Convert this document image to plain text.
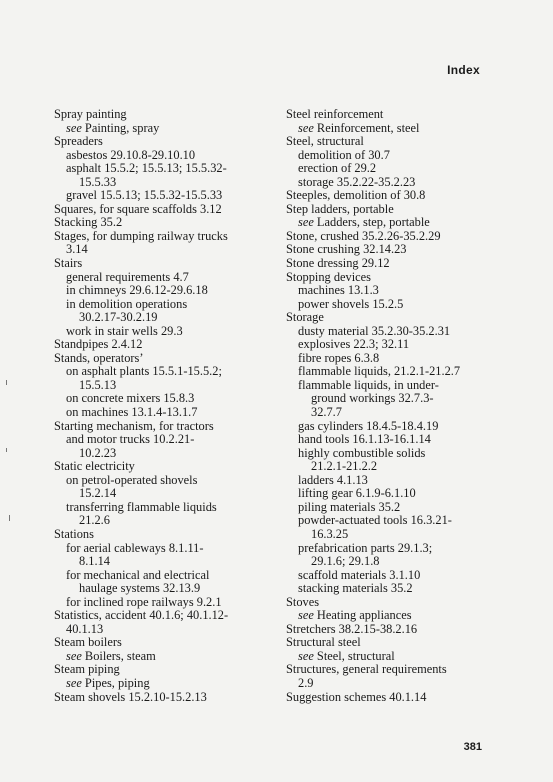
Index
Spray painting
see Painting, spray
Spreaders
asbestos 29.10.8-29.10.10
asphalt 15.5.2; 15.5.13; 15.5.32-
15.5.33
gravel 15.5.13; 15.5.32-15.5.33
Squares, for square scaffolds 3.12
Stacking 35.2
Stages, for dumping railway trucks
3.14
Stairs
general requirements 4.7
in chimneys 29.6.12-29.6.18
in demolition operations
30.2.17-30.2.19
work in stair wells 29.3
Standpipes 2.4.12
Stands, operators’
on asphalt plants 15.5.1-15.5.2;
15.5.13
on concrete mixers 15.8.3
on machines 13.1.4-13.1.7
Starting mechanism, for tractors
and motor trucks 10.2.21-
10.2.23
Static electricity
on petrol-operated shovels
15.2.14
transferring flammable liquids
21.2.6
Stations
for aerial cableways 8.1.11-
8.1.14
for mechanical and electrical
haulage systems 32.13.9
for inclined rope railways 9.2.1
Statistics, accident 40.1.6; 40.1.12-
40.1.13
Steam boilers
see Boilers, steam
Steam piping
see Pipes, piping
Steam shovels 15.2.10-15.2.13
Steel reinforcement
see Reinforcement, steel
Steel, structural
demolition of 30.7
erection of 29.2
storage 35.2.22-35.2.23
Steeples, demolition of 30.8
Step ladders, portable
see Ladders, step, portable
Stone, crushed 35.2.26-35.2.29
Stone crushing 32.14.23
Stone dressing 29.12
Stopping devices
machines 13.1.3
power shovels 15.2.5
Storage
dusty material 35.2.30-35.2.31
explosives 22.3; 32.11
fibre ropes 6.3.8
flammable liquids, 21.2.1-21.2.7
flammable liquids, in under-
ground workings 32.7.3-
32.7.7
gas cylinders 18.4.5-18.4.19
hand tools 16.1.13-16.1.14
highly combustible solids
21.2.1-21.2.2
ladders 4.1.13
lifting gear 6.1.9-6.1.10
piling materials 35.2
powder-actuated tools 16.3.21-
16.3.25
prefabrication parts 29.1.3;
29.1.6; 29.1.8
scaffold materials 3.1.10
stacking materials 35.2
Stoves
see Heating appliances
Stretchers 38.2.15-38.2.16
Structural steel
see Steel, structural
Structures, general requirements
2.9
Suggestion schemes 40.1.14
381
